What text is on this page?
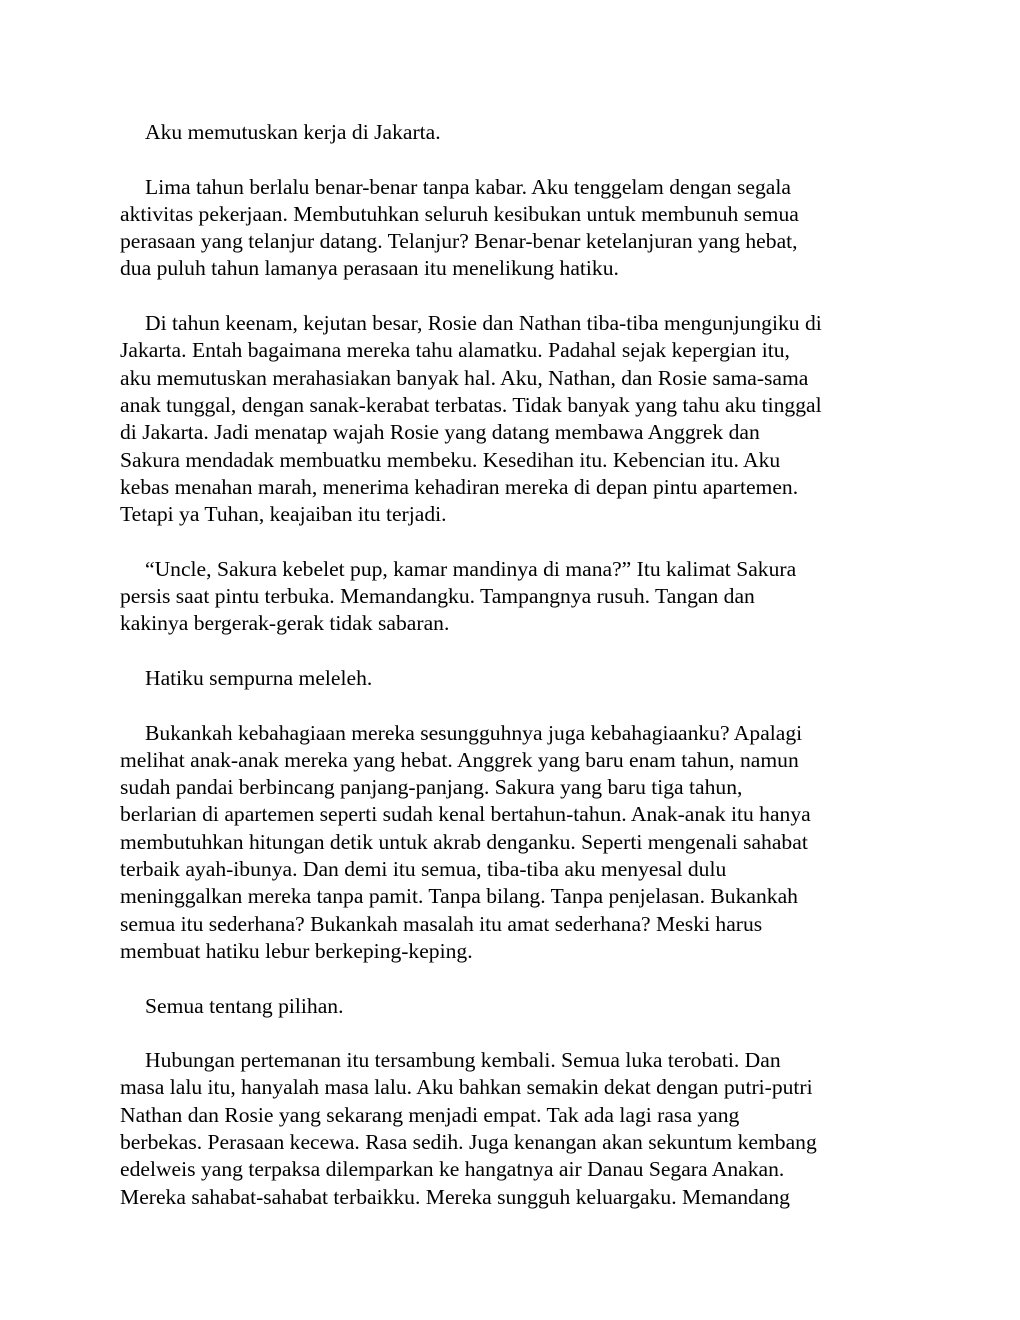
Aku memutuskan kerja di Jakarta.

Lima tahun berlalu benar-benar tanpa kabar. Aku tenggelam dengan segala
aktivitas pekerjaan. Membutuhkan seluruh kesibukan untuk membunuh semua
perasaan yang telanjur datang. Telanjur? Benar-benar ketelanjuran yang hebat,
dua puluh tahun lamanya perasaan itu menelikung hatiku.

Di tahun keenam, kejutan besar, Rosie dan Nathan tiba-tiba mengunjungiku di
Jakarta. Entah bagaimana mereka tahu alamatku. Padahal sejak kepergian itu,
aku memutuskan merahasiakan banyak hal. Aku, Nathan, dan Rosie sama-sama
anak tunggal, dengan sanak-kerabat terbatas. Tidak banyak yang tahu aku tinggal
di Jakarta. Jadi menatap wajah Rosie yang datang membawa Anggrek dan
Sakura mendadak membuatku membeku. Kesedihan itu. Kebencian itu. Aku
kebas menahan marah, menerima kehadiran mereka di depan pintu apartemen.
Tetapi ya Tuhan, keajaiban itu terjadi.

“Uncle, Sakura kebelet pup, kamar mandinya di mana?” Itu kalimat Sakura
persis saat pintu terbuka. Memandangku. Tampangnya rusuh. Tangan dan
kakinya bergerak-gerak tidak sabaran.

Hatiku sempurna meleleh.

Bukankah kebahagiaan mereka sesungguhnya juga kebahagiaanku? Apalagi
melihat anak-anak mereka yang hebat. Anggrek yang baru enam tahun, namun
sudah pandai berbincang panjang-panjang. Sakura yang baru tiga tahun,
berlarian di apartemen seperti sudah kenal bertahun-tahun. Anak-anak itu hanya
membutuhkan hitungan detik untuk akrab denganku. Seperti mengenali sahabat
terbaik ayah-ibunya. Dan demi itu semua, tiba-tiba aku menyesal dulu
meninggalkan mereka tanpa pamit. Tanpa bilang. Tanpa penjelasan. Bukankah
semua itu sederhana? Bukankah masalah itu amat sederhana? Meski harus
membuat hatiku lebur berkeping-keping.

Semua tentang pilihan.

Hubungan pertemanan itu tersambung kembali. Semua luka terobati. Dan
masa lalu itu, hanyalah masa lalu. Aku bahkan semakin dekat dengan putri-putri
Nathan dan Rosie yang sekarang menjadi empat. Tak ada lagi rasa yang
berbekas. Perasaan kecewa. Rasa sedih. Juga kenangan akan sekuntum kembang
edelweis yang terpaksa dilemparkan ke hangatnya air Danau Segara Anakan.
Mereka sahabat-sahabat terbaikku. Mereka sungguh keluargaku. Memandang
